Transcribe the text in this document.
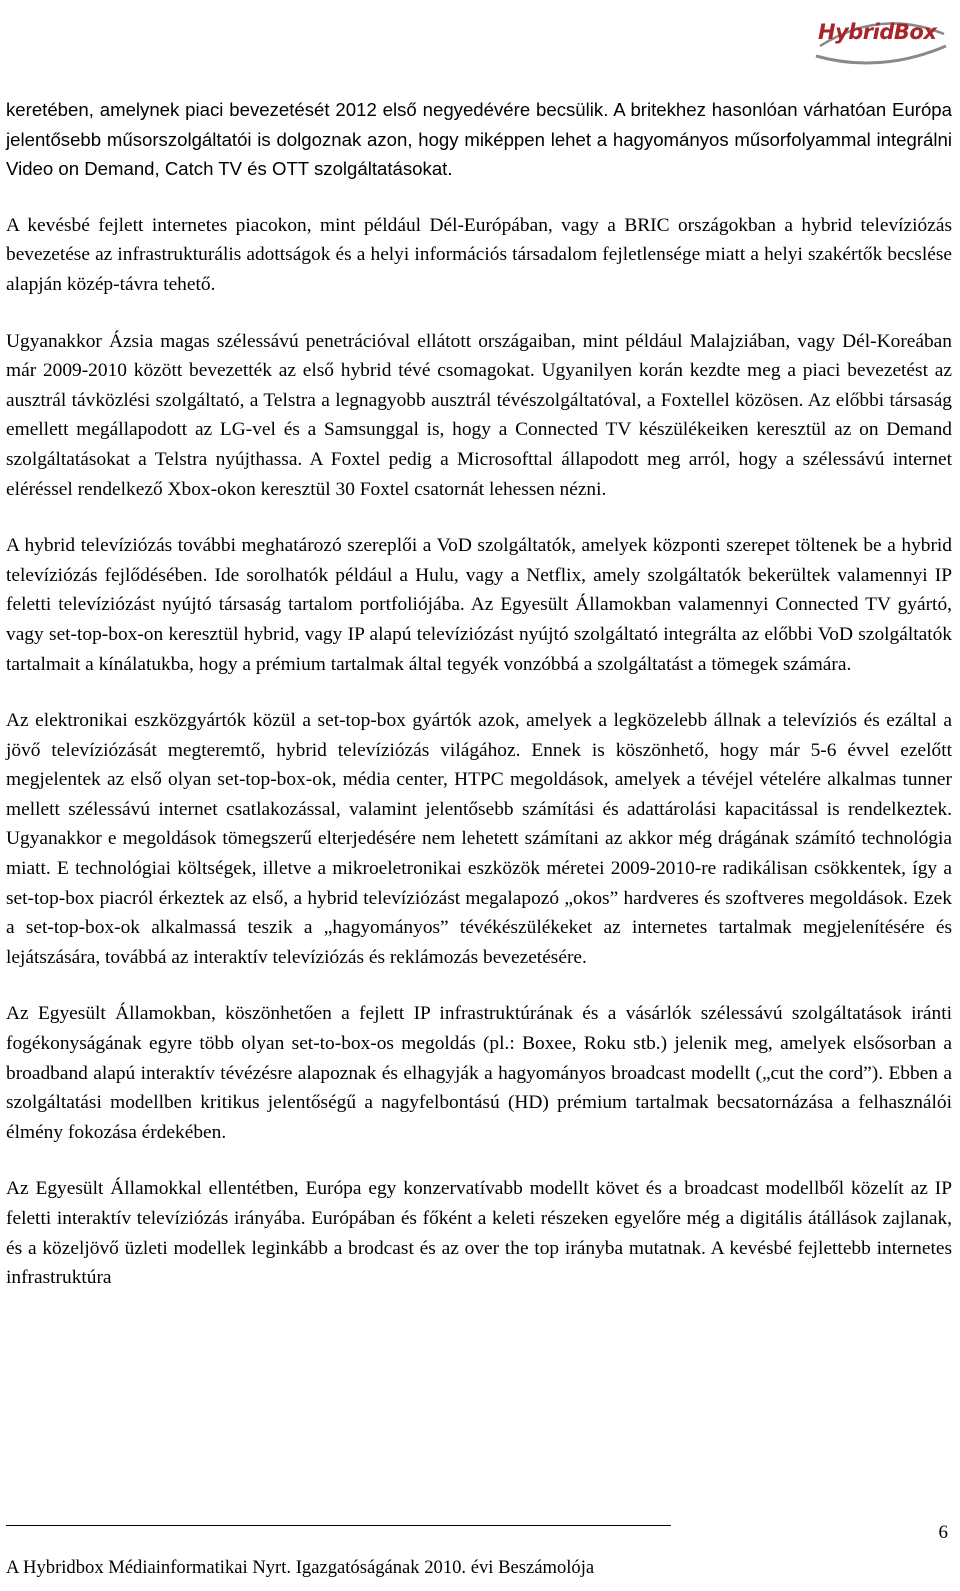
HybridBox

keretében, amelynek piaci bevezetését 2012 első negyedévére becsülik. A britekhez hasonlóan várhatóan Európa jelentősebb műsorszolgáltatói is dolgoznak azon, hogy miképpen lehet a hagyományos műsorfolyammal integrálni Video on Demand, Catch TV és OTT szolgáltatásokat.

A kevésbé fejlett internetes piacokon, mint például Dél-Európában, vagy a BRIC országokban a hybrid televíziózás bevezetése az infrastrukturális adottságok és a helyi információs társadalom fejletlensége miatt a helyi szakértők becslése alapján közép-távra tehető.

Ugyanakkor Ázsia magas szélessávú penetrációval ellátott országaiban, mint például Malajziában, vagy Dél-Koreában már 2009-2010 között bevezették az első hybrid tévé csomagokat. Ugyanilyen korán kezdte meg a piaci bevezetést az ausztrál távközlési szolgáltató, a Telstra a legnagyobb ausztrál tévészolgáltatóval, a Foxtellel közösen. Az előbbi társaság emellett megállapodott az LG-vel és a Samsunggal is, hogy a Connected TV készülékeiken keresztül az on Demand szolgáltatásokat a Telstra nyújthassa. A Foxtel pedig a Microsofttal állapodott meg arról, hogy a szélessávú internet eléréssel rendelkező Xbox-okon keresztül 30 Foxtel csatornát lehessen nézni.

A hybrid televíziózás további meghatározó szereplői a VoD szolgáltatók, amelyek központi szerepet töltenek be a hybrid televíziózás fejlődésében. Ide sorolhatók például a Hulu, vagy a Netflix, amely szolgáltatók bekerültek valamennyi IP feletti televíziózást nyújtó társaság tartalom portfoliójába. Az Egyesült Államokban valamennyi Connected TV gyártó, vagy set-top-box-on keresztül hybrid, vagy IP alapú televíziózást nyújtó szolgáltató integrálta az előbbi VoD szolgáltatók tartalmait a kínálatukba, hogy a prémium tartalmak által tegyék vonzóbbá a szolgáltatást a tömegek számára.

Az elektronikai eszközgyártók közül a set-top-box gyártók azok, amelyek a legközelebb állnak a televíziós és ezáltal a jövő televíziózását megteremtő, hybrid televíziózás világához. Ennek is köszönhető, hogy már 5-6 évvel ezelőtt megjelentek az első olyan set-top-box-ok, média center, HTPC megoldások, amelyek a tévéjel vételére alkalmas tunner mellett szélessávú internet csatlakozással, valamint jelentősebb számítási és adattárolási kapacitással is rendelkeztek. Ugyanakkor e megoldások tömegszerű elterjedésére nem lehetett számítani az akkor még drágának számító technológia miatt. E technológiai költségek, illetve a mikroeletronikai eszközök méretei 2009-2010-re radikálisan csökkentek, így a set-top-box piacról érkeztek az első, a hybrid televíziózást megalapozó „okos” hardveres és szoftveres megoldások. Ezek a set-top-box-ok alkalmassá teszik a „hagyományos” tévékészülékeket az internetes tartalmak megjelenítésére és lejátszására, továbbá az interaktív televíziózás és reklámozás bevezetésére.

Az Egyesült Államokban, köszönhetően a fejlett IP infrastruktúrának és a vásárlók szélessávú szolgáltatások iránti fogékonyságának egyre több olyan set-to-box-os megoldás (pl.: Boxee, Roku stb.) jelenik meg, amelyek elsősorban a broadband alapú interaktív tévézésre alapoznak és elhagyják a hagyományos broadcast modellt („cut the cord”). Ebben a szolgáltatási modellben kritikus jelentőségű a nagyfelbontású (HD) prémium tartalmak becsatornázása a felhasználói élmény fokozása érdekében.

Az Egyesült Államokkal ellentétben, Európa egy konzervatívabb modellt követ és a broadcast modellből közelít az IP feletti interaktív televíziózás irányába. Európában és főként a keleti részeken egyelőre még a digitális átállások zajlanak, és a közeljövő üzleti modellek leginkább a brodcast és az over the top irányba mutatnak. A kevésbé fejlettebb internetes infrastruktúra

6
A Hybridbox Médiainformatikai Nyrt. Igazgatóságának 2010. évi Beszámolója
